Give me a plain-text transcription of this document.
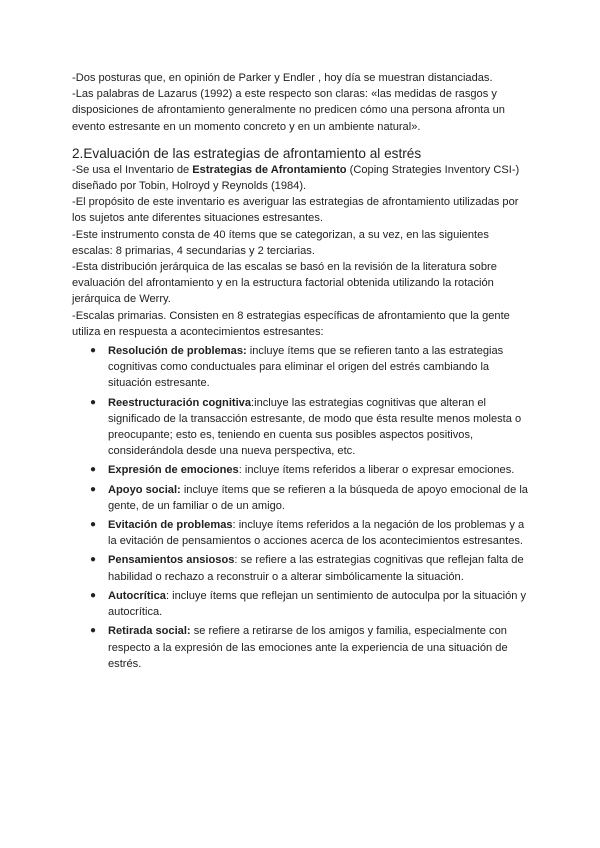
-Dos posturas que, en opinión de Parker y Endler , hoy día se muestran distanciadas.

-Las palabras de Lazarus (1992) a este respecto son claras: «las medidas de rasgos y disposiciones de afrontamiento generalmente no predicen cómo una persona afronta un evento estresante en un momento concreto y en un ambiente natural».

2.Evaluación de las estrategias de afrontamiento al estrés

-Se usa el Inventario de Estrategias de Afrontamiento (Coping Strategies Inventory CSI-) diseñado por Tobin, Holroyd y Reynolds (1984).

-El propósito de este inventario es averiguar las estrategias de afrontamiento utilizadas por los sujetos ante diferentes situaciones estresantes.

-Este instrumento consta de 40 ítems que se categorizan, a su vez, en las siguientes escalas: 8 primarias, 4 secundarias y 2 terciarias.

-Esta distribución jerárquica de las escalas se basó en la revisión de la literatura sobre evaluación del afrontamiento y en la estructura factorial obtenida utilizando la rotación jerárquica de Werry.

-Escalas primarias. Consisten en 8 estrategias específicas de afrontamiento que la gente utiliza en respuesta a acontecimientos estresantes:

● Resolución de problemas: incluye ítems que se refieren tanto a las estrategias cognitivas como conductuales para eliminar el origen del estrés cambiando la situación estresante.
● Reestructuración cognitiva:incluye las estrategias cognitivas que alteran el significado de la transacción estresante, de modo que ésta resulte menos molesta o preocupante; esto es, teniendo en cuenta sus posibles aspectos positivos, considerándola desde una nueva perspectiva, etc.
● Expresión de emociones: incluye ítems referidos a liberar o expresar emociones.
● Apoyo social: incluye ítems que se refieren a la búsqueda de apoyo emocional de la gente, de un familiar o de un amigo.
● Evitación de problemas: incluye ítems referidos a la negación de los problemas y a la evitación de pensamientos o acciones acerca de los acontecimientos estresantes.
● Pensamientos ansiosos: se refiere a las estrategias cognitivas que reflejan falta de habilidad o rechazo a reconstruir o a alterar simbólicamente la situación.
● Autocrítica: incluye ítems que reflejan un sentimiento de autoculpa por la situación y autocrítica.
● Retirada social: se refiere a retirarse de los amigos y familia, especialmente con respecto a la expresión de las emociones ante la experiencia de una situación de estrés.
